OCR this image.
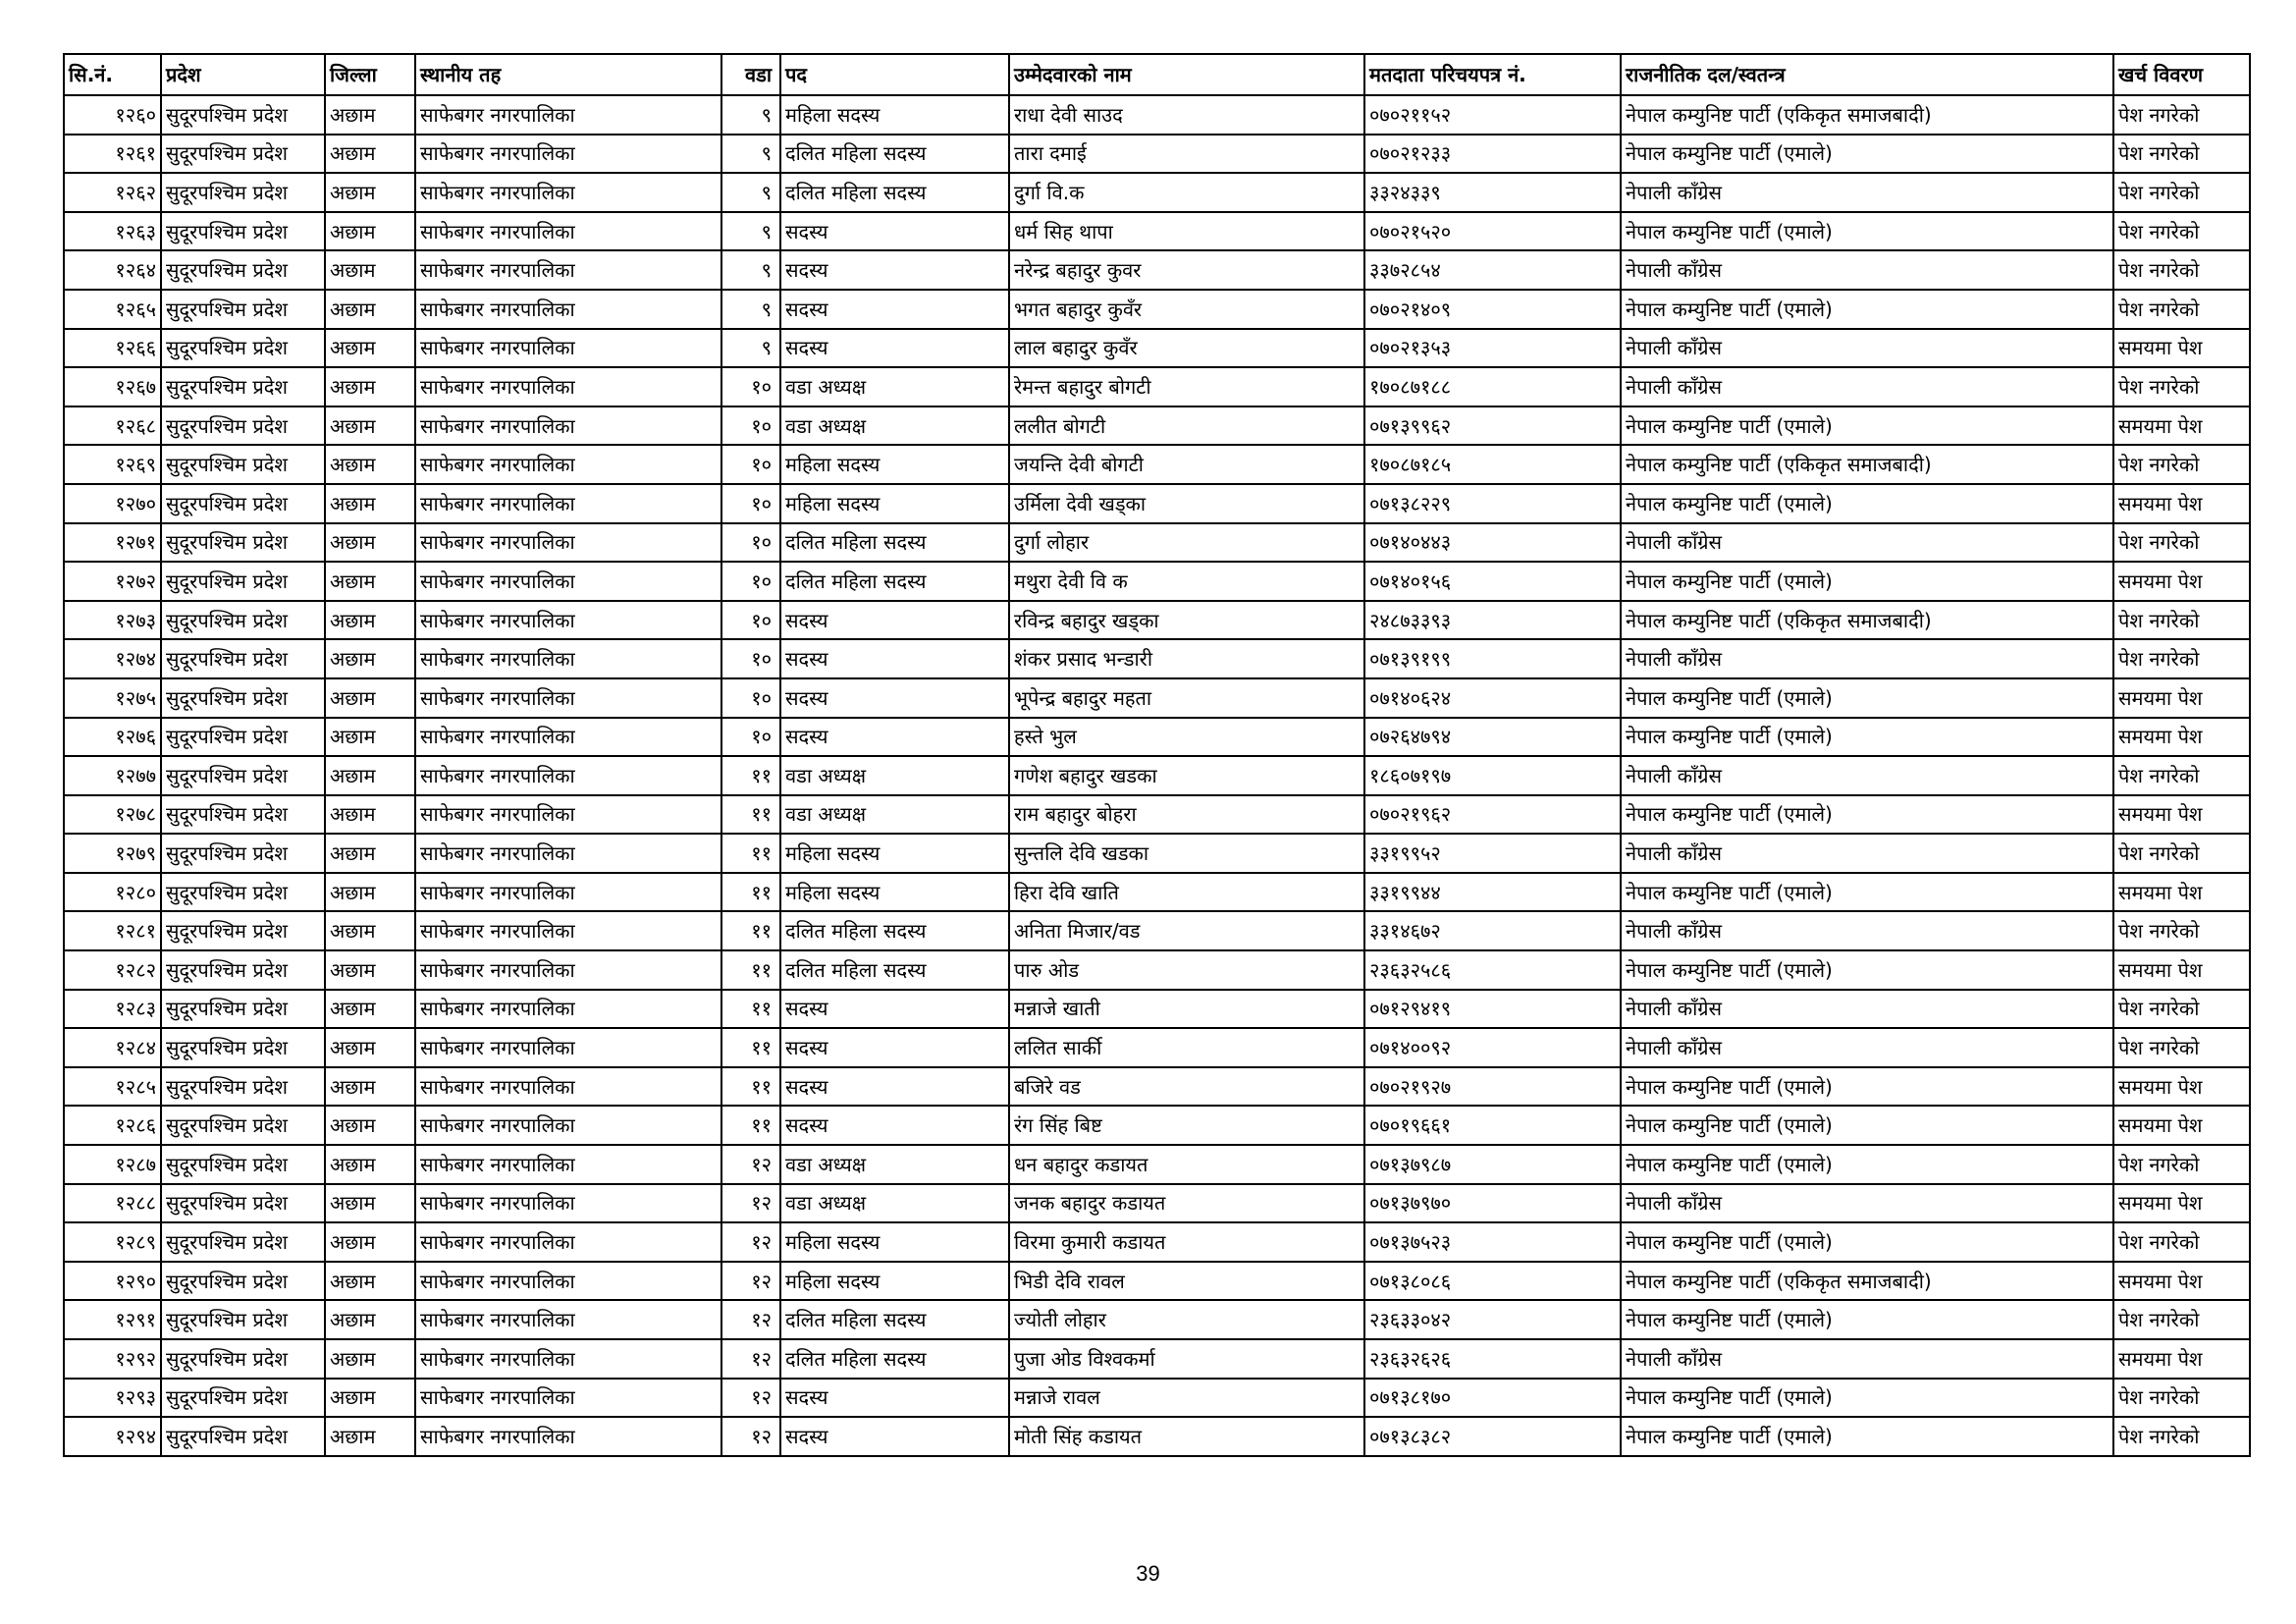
सि.नं.	प्रदेश	जिल्ला	स्थानीय तह	वडा	पद	उम्मेदवारको नाम	मतदाता परिचयपत्र नं.	राजनीतिक दल/स्वतन्त्र	खर्च विवरण
१२६०	सुदूरपश्चिम प्रदेश	अछाम	साफेबगर नगरपालिका	९	महिला सदस्य	राधा देवी साउद	०७०२११५२	नेपाल कम्युनिष्ट पार्टी (एकिकृत समाजबादी)	पेश नगरेको
१२६१	सुदूरपश्चिम प्रदेश	अछाम	साफेबगर नगरपालिका	९	दलित महिला सदस्य	तारा दमाई	०७०२१२३३	नेपाल कम्युनिष्ट पार्टी (एमाले)	पेश नगरेको
१२६२	सुदूरपश्चिम प्रदेश	अछाम	साफेबगर नगरपालिका	९	दलित महिला सदस्य	दुर्गा वि.क	३३२४३३९	नेपाली काँग्रेस	पेश नगरेको
१२६३	सुदूरपश्चिम प्रदेश	अछाम	साफेबगर नगरपालिका	९	सदस्य	धर्म सिह थापा	०७०२१५२०	नेपाल कम्युनिष्ट पार्टी (एमाले)	पेश नगरेको
१२६४	सुदूरपश्चिम प्रदेश	अछाम	साफेबगर नगरपालिका	९	सदस्य	नरेन्द्र बहादुर कुवर	३३७२८५४	नेपाली काँग्रेस	पेश नगरेको
१२६५	सुदूरपश्चिम प्रदेश	अछाम	साफेबगर नगरपालिका	९	सदस्य	भगत बहादुर कुवँर	०७०२१४०९	नेपाल कम्युनिष्ट पार्टी (एमाले)	पेश नगरेको
१२६६	सुदूरपश्चिम प्रदेश	अछाम	साफेबगर नगरपालिका	९	सदस्य	लाल बहादुर कुवँर	०७०२१३५३	नेपाली काँग्रेस	समयमा पेश
१२६७	सुदूरपश्चिम प्रदेश	अछाम	साफेबगर नगरपालिका	१०	वडा अध्यक्ष	रेमन्त बहादुर बोगटी	१७०८७१८८	नेपाली काँग्रेस	पेश नगरेको
१२६८	सुदूरपश्चिम प्रदेश	अछाम	साफेबगर नगरपालिका	१०	वडा अध्यक्ष	ललीत बोगटी	०७१३९९६२	नेपाल कम्युनिष्ट पार्टी (एमाले)	समयमा पेश
१२६९	सुदूरपश्चिम प्रदेश	अछाम	साफेबगर नगरपालिका	१०	महिला सदस्य	जयन्ति देवी बोगटी	१७०८७१८५	नेपाल कम्युनिष्ट पार्टी (एकिकृत समाजबादी)	पेश नगरेको
१२७०	सुदूरपश्चिम प्रदेश	अछाम	साफेबगर नगरपालिका	१०	महिला सदस्य	उर्मिला देवी खड्का	०७१३८२२९	नेपाल कम्युनिष्ट पार्टी (एमाले)	समयमा पेश
१२७१	सुदूरपश्चिम प्रदेश	अछाम	साफेबगर नगरपालिका	१०	दलित महिला सदस्य	दुर्गा लोहार	०७१४०४४३	नेपाली काँग्रेस	पेश नगरेको
१२७२	सुदूरपश्चिम प्रदेश	अछाम	साफेबगर नगरपालिका	१०	दलित महिला सदस्य	मथुरा देवी वि क	०७१४०१५६	नेपाल कम्युनिष्ट पार्टी (एमाले)	समयमा पेश
१२७३	सुदूरपश्चिम प्रदेश	अछाम	साफेबगर नगरपालिका	१०	सदस्य	रविन्द्र बहादुर खड्का	२४८७३३९३	नेपाल कम्युनिष्ट पार्टी (एकिकृत समाजबादी)	पेश नगरेको
१२७४	सुदूरपश्चिम प्रदेश	अछाम	साफेबगर नगरपालिका	१०	सदस्य	शंकर प्रसाद भन्डारी	०७१३९१९९	नेपाली काँग्रेस	पेश नगरेको
१२७५	सुदूरपश्चिम प्रदेश	अछाम	साफेबगर नगरपालिका	१०	सदस्य	भूपेन्द्र बहादुर महता	०७१४०६२४	नेपाल कम्युनिष्ट पार्टी (एमाले)	समयमा पेश
१२७६	सुदूरपश्चिम प्रदेश	अछाम	साफेबगर नगरपालिका	१०	सदस्य	हस्ते भुल	०७२६४७९४	नेपाल कम्युनिष्ट पार्टी (एमाले)	समयमा पेश
१२७७	सुदूरपश्चिम प्रदेश	अछाम	साफेबगर नगरपालिका	११	वडा अध्यक्ष	गणेश बहादुर खडका	१८६०७१९७	नेपाली काँग्रेस	पेश नगरेको
१२७८	सुदूरपश्चिम प्रदेश	अछाम	साफेबगर नगरपालिका	११	वडा अध्यक्ष	राम बहादुर बोहरा	०७०२१९६२	नेपाल कम्युनिष्ट पार्टी (एमाले)	समयमा पेश
१२७९	सुदूरपश्चिम प्रदेश	अछाम	साफेबगर नगरपालिका	११	महिला सदस्य	सुन्तलि देवि खडका	३३१९९५२	नेपाली काँग्रेस	पेश नगरेको
१२८०	सुदूरपश्चिम प्रदेश	अछाम	साफेबगर नगरपालिका	११	महिला सदस्य	हिरा देवि खाति	३३१९९४४	नेपाल कम्युनिष्ट पार्टी (एमाले)	समयमा पेश
१२८१	सुदूरपश्चिम प्रदेश	अछाम	साफेबगर नगरपालिका	११	दलित महिला सदस्य	अनिता मिजार/वड	३३१४६७२	नेपाली काँग्रेस	पेश नगरेको
१२८२	सुदूरपश्चिम प्रदेश	अछाम	साफेबगर नगरपालिका	११	दलित महिला सदस्य	पारु ओड	२३६३२५८६	नेपाल कम्युनिष्ट पार्टी (एमाले)	समयमा पेश
१२८३	सुदूरपश्चिम प्रदेश	अछाम	साफेबगर नगरपालिका	११	सदस्य	मन्नाजे खाती	०७१२९४१९	नेपाली काँग्रेस	पेश नगरेको
१२८४	सुदूरपश्चिम प्रदेश	अछाम	साफेबगर नगरपालिका	११	सदस्य	ललित सार्की	०७१४००९२	नेपाली काँग्रेस	पेश नगरेको
१२८५	सुदूरपश्चिम प्रदेश	अछाम	साफेबगर नगरपालिका	११	सदस्य	बजिरे वड	०७०२१९२७	नेपाल कम्युनिष्ट पार्टी (एमाले)	समयमा पेश
१२८६	सुदूरपश्चिम प्रदेश	अछाम	साफेबगर नगरपालिका	११	सदस्य	रंग सिंह बिष्ट	०७०१९६६१	नेपाल कम्युनिष्ट पार्टी (एमाले)	समयमा पेश
१२८७	सुदूरपश्चिम प्रदेश	अछाम	साफेबगर नगरपालिका	१२	वडा अध्यक्ष	धन बहादुर कडायत	०७१३७९८७	नेपाल कम्युनिष्ट पार्टी (एमाले)	पेश नगरेको
१२८८	सुदूरपश्चिम प्रदेश	अछाम	साफेबगर नगरपालिका	१२	वडा अध्यक्ष	जनक बहादुर कडायत	०७१३७९७०	नेपाली काँग्रेस	समयमा पेश
१२८९	सुदूरपश्चिम प्रदेश	अछाम	साफेबगर नगरपालिका	१२	महिला सदस्य	विरमा कुमारी कडायत	०७१३७५२३	नेपाल कम्युनिष्ट पार्टी (एमाले)	पेश नगरेको
१२९०	सुदूरपश्चिम प्रदेश	अछाम	साफेबगर नगरपालिका	१२	महिला सदस्य	भिडी देवि रावल	०७१३८०८६	नेपाल कम्युनिष्ट पार्टी (एकिकृत समाजबादी)	समयमा पेश
१२९१	सुदूरपश्चिम प्रदेश	अछाम	साफेबगर नगरपालिका	१२	दलित महिला सदस्य	ज्योती लोहार	२३६३३०४२	नेपाल कम्युनिष्ट पार्टी (एमाले)	पेश नगरेको
१२९२	सुदूरपश्चिम प्रदेश	अछाम	साफेबगर नगरपालिका	१२	दलित महिला सदस्य	पुजा ओड विश्वकर्मा	२३६३२६२६	नेपाली काँग्रेस	समयमा पेश
१२९३	सुदूरपश्चिम प्रदेश	अछाम	साफेबगर नगरपालिका	१२	सदस्य	मन्नाजे रावल	०७१३८१७०	नेपाल कम्युनिष्ट पार्टी (एमाले)	पेश नगरेको
१२९४	सुदूरपश्चिम प्रदेश	अछाम	साफेबगर नगरपालिका	१२	सदस्य	मोती सिंह कडायत	०७१३८३८२	नेपाल कम्युनिष्ट पार्टी (एमाले)	पेश नगरेको
39
